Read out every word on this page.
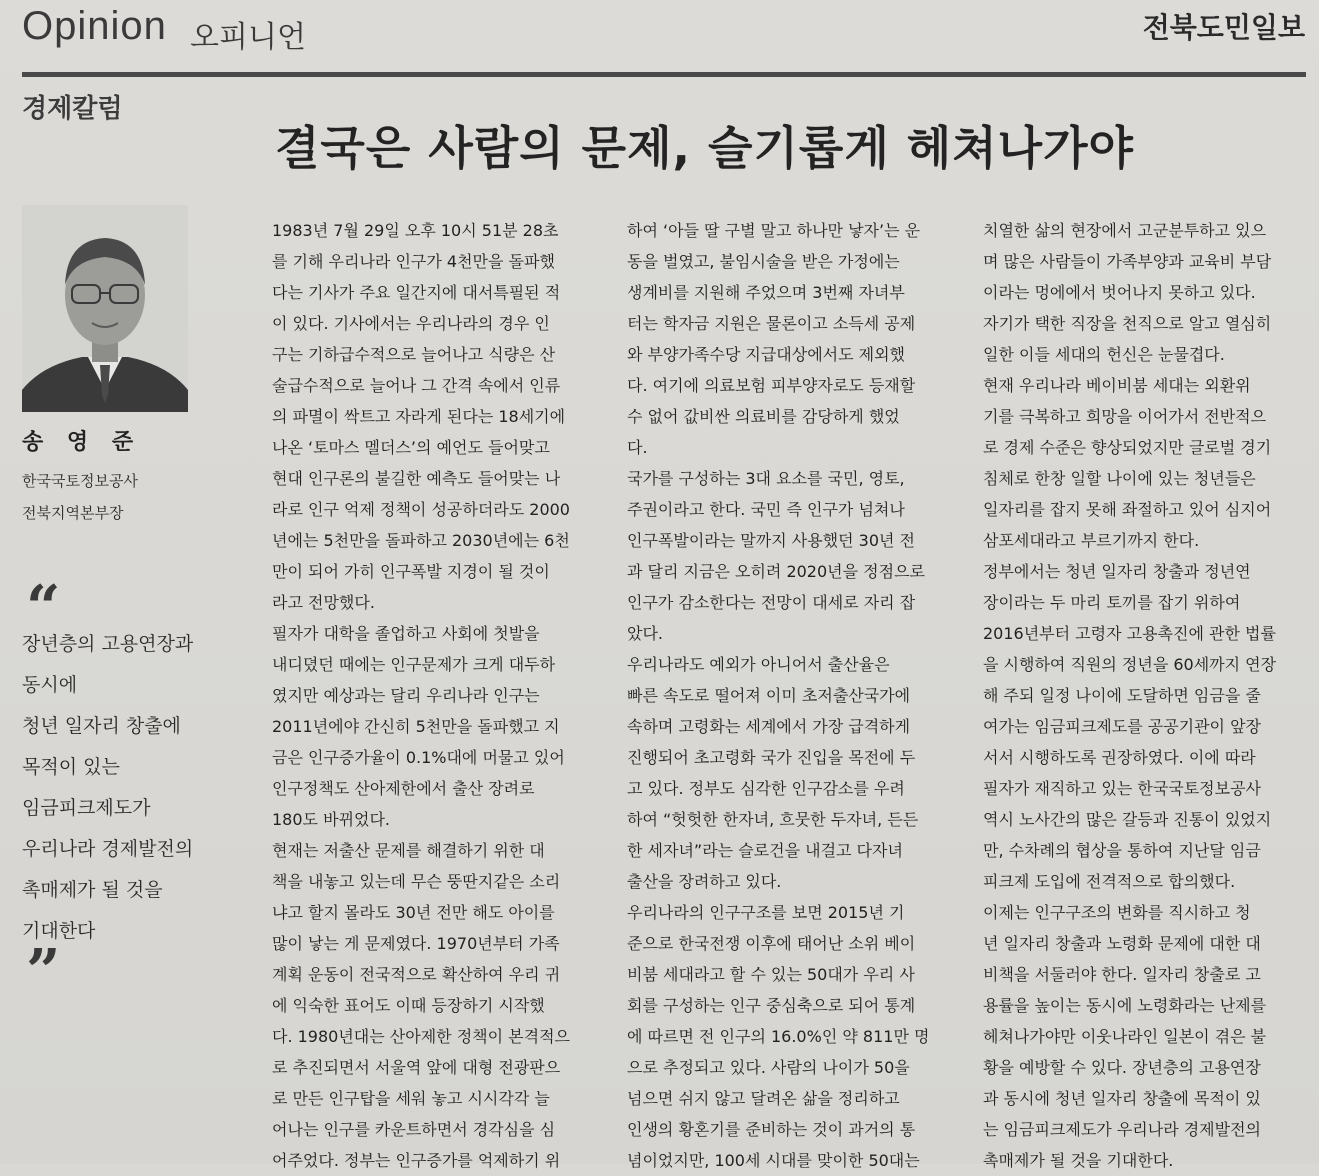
Opinion 오피니언	전북도민일보
경제칼럼
결국은 사람의 문제, 슬기롭게 헤쳐나가야
송 영 준
한국국토정보공사
전북지역본부장
“
장년층의 고용연장과
동시에
청년 일자리 창출에
목적이 있는
임금피크제도가
우리나라 경제발전의
촉매제가 될 것을
기대한다
”
1983년 7월 29일 오후 10시 51분 28초
를 기해 우리나라 인구가 4천만을 돌파했
다는 기사가 주요 일간지에 대서특필된 적
이 있다. 기사에서는 우리나라의 경우 인
구는 기하급수적으로 늘어나고 식량은 산
술급수적으로 늘어나 그 간격 속에서 인류
의 파멸이 싹트고 자라게 된다는 18세기에
나온 ‘토마스 멜더스’의 예언도 들어맞고
현대 인구론의 불길한 예측도 들어맞는 나
라로 인구 억제 정책이 성공하더라도 2000
년에는 5천만을 돌파하고 2030년에는 6천
만이 되어 가히 인구폭발 지경이 될 것이
라고 전망했다.
필자가 대학을 졸업하고 사회에 첫발을
내디뎠던 때에는 인구문제가 크게 대두하
였지만 예상과는 달리 우리나라 인구는
2011년에야 간신히 5천만을 돌파했고 지
금은 인구증가율이 0.1%대에 머물고 있어
인구정책도 산아제한에서 출산 장려로
180도 바뀌었다.
현재는 저출산 문제를 해결하기 위한 대
책을 내놓고 있는데 무슨 뚱딴지같은 소리
냐고 할지 몰라도 30년 전만 해도 아이를
많이 낳는 게 문제였다. 1970년부터 가족
계획 운동이 전국적으로 확산하여 우리 귀
에 익숙한 표어도 이때 등장하기 시작했
다. 1980년대는 산아제한 정책이 본격적으
로 추진되면서 서울역 앞에 대형 전광판으
로 만든 인구탑을 세워 놓고 시시각각 늘
어나는 인구를 카운트하면서 경각심을 심
어주었다. 정부는 인구증가를 억제하기 위
하여 ‘아들 딸 구별 말고 하나만 낳자’는 운
동을 벌였고, 불임시술을 받은 가정에는
생계비를 지원해 주었으며 3번째 자녀부
터는 학자금 지원은 물론이고 소득세 공제
와 부양가족수당 지급대상에서도 제외했
다. 여기에 의료보험 피부양자로도 등재할
수 없어 값비싼 의료비를 감당하게 했었
다.
국가를 구성하는 3대 요소를 국민, 영토,
주권이라고 한다. 국민 즉 인구가 넘쳐나
인구폭발이라는 말까지 사용했던 30년 전
과 달리 지금은 오히려 2020년을 정점으로
인구가 감소한다는 전망이 대세로 자리 잡
았다.
우리나라도 예외가 아니어서 출산율은
빠른 속도로 떨어져 이미 초저출산국가에
속하며 고령화는 세계에서 가장 급격하게
진행되어 초고령화 국가 진입을 목전에 두
고 있다. 정부도 심각한 인구감소를 우려
하여 “헛헛한 한자녀, 흐뭇한 두자녀, 든든
한 세자녀”라는 슬로건을 내걸고 다자녀
출산을 장려하고 있다.
우리나라의 인구구조를 보면 2015년 기
준으로 한국전쟁 이후에 태어난 소위 베이
비붐 세대라고 할 수 있는 50대가 우리 사
회를 구성하는 인구 중심축으로 되어 통계
에 따르면 전 인구의 16.0%인 약 811만 명
으로 추정되고 있다. 사람의 나이가 50을
넘으면 쉬지 않고 달려온 삶을 정리하고
인생의 황혼기를 준비하는 것이 과거의 통
념이었지만, 100세 시대를 맞이한 50대는
치열한 삶의 현장에서 고군분투하고 있으
며 많은 사람들이 가족부양과 교육비 부담
이라는 멍에에서 벗어나지 못하고 있다.
자기가 택한 직장을 천직으로 알고 열심히
일한 이들 세대의 헌신은 눈물겹다.
현재 우리나라 베이비붐 세대는 외환위
기를 극복하고 희망을 이어가서 전반적으
로 경제 수준은 향상되었지만 글로벌 경기
침체로 한창 일할 나이에 있는 청년들은
일자리를 잡지 못해 좌절하고 있어 심지어
삼포세대라고 부르기까지 한다.
정부에서는 청년 일자리 창출과 정년연
장이라는 두 마리 토끼를 잡기 위하여
2016년부터 고령자 고용촉진에 관한 법률
을 시행하여 직원의 정년을 60세까지 연장
해 주되 일정 나이에 도달하면 임금을 줄
여가는 임금피크제도를 공공기관이 앞장
서서 시행하도록 권장하였다. 이에 따라
필자가 재직하고 있는 한국국토정보공사
역시 노사간의 많은 갈등과 진통이 있었지
만, 수차례의 협상을 통하여 지난달 임금
피크제 도입에 전격적으로 합의했다.
이제는 인구구조의 변화를 직시하고 청
년 일자리 창출과 노령화 문제에 대한 대
비책을 서둘러야 한다. 일자리 창출로 고
용률을 높이는 동시에 노령화라는 난제를
헤쳐나가야만 이웃나라인 일본이 겪은 불
황을 예방할 수 있다. 장년층의 고용연장
과 동시에 청년 일자리 창출에 목적이 있
는 임금피크제도가 우리나라 경제발전의
촉매제가 될 것을 기대한다.
